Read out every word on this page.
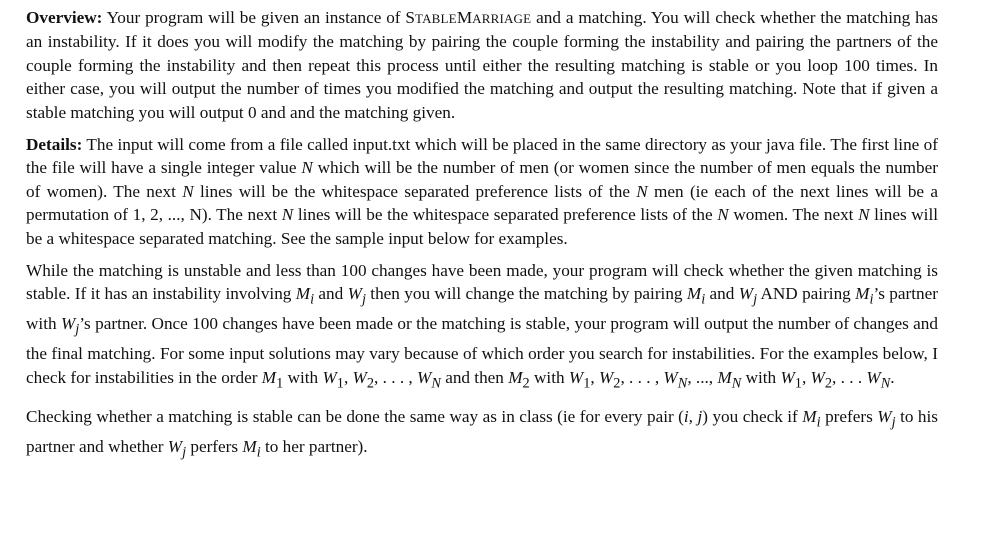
Overview: Your program will be given an instance of STABLEMARRIAGE and a matching. You will check whether the matching has an instability. If it does you will modify the matching by pairing the couple forming the instability and pairing the partners of the couple forming the instability and then repeat this process until either the resulting matching is stable or you loop 100 times. In either case, you will output the number of times you modified the matching and output the resulting matching. Note that if given a stable matching you will output 0 and and the matching given.

Details: The input will come from a file called input.txt which will be placed in the same directory as your java file. The first line of the file will have a single integer value N which will be the number of men (or women since the number of men equals the number of women). The next N lines will be the whitespace separated preference lists of the N men (ie each of the next lines will be a permutation of 1, 2, ..., N). The next N lines will be the whitespace separated preference lists of the N women. The next N lines will be a whitespace separated matching. See the sample input below for examples.

While the matching is unstable and less than 100 changes have been made, your program will check whether the given matching is stable. If it has an instability involving $M_i$ and $W_j$ then you will change the matching by pairing $M_i$ and $W_j$ AND pairing $M_i’s$ partner with $W_j’s$ partner. Once 100 changes have been made or the matching is stable, your program will output the number of changes and the final matching. For some input solutions may vary because of which order you search for instabilities. For the examples below, I check for instabilities in the order $M_1$ with $W_1$, $W_2$, . . . , $W_N$ and then $M_2$ with $W_1$, $W_2$, . . . , $W_N$, ..., $M_N$ with $W_1$, $W_2$, . . . $W_N$.

Checking whether a matching is stable can be done the same way as in class (ie for every pair (i, j) you check if $M_i$ prefers $W_j$ to his partner and whether $W_j$ perfers $M_i$ to her partner).
